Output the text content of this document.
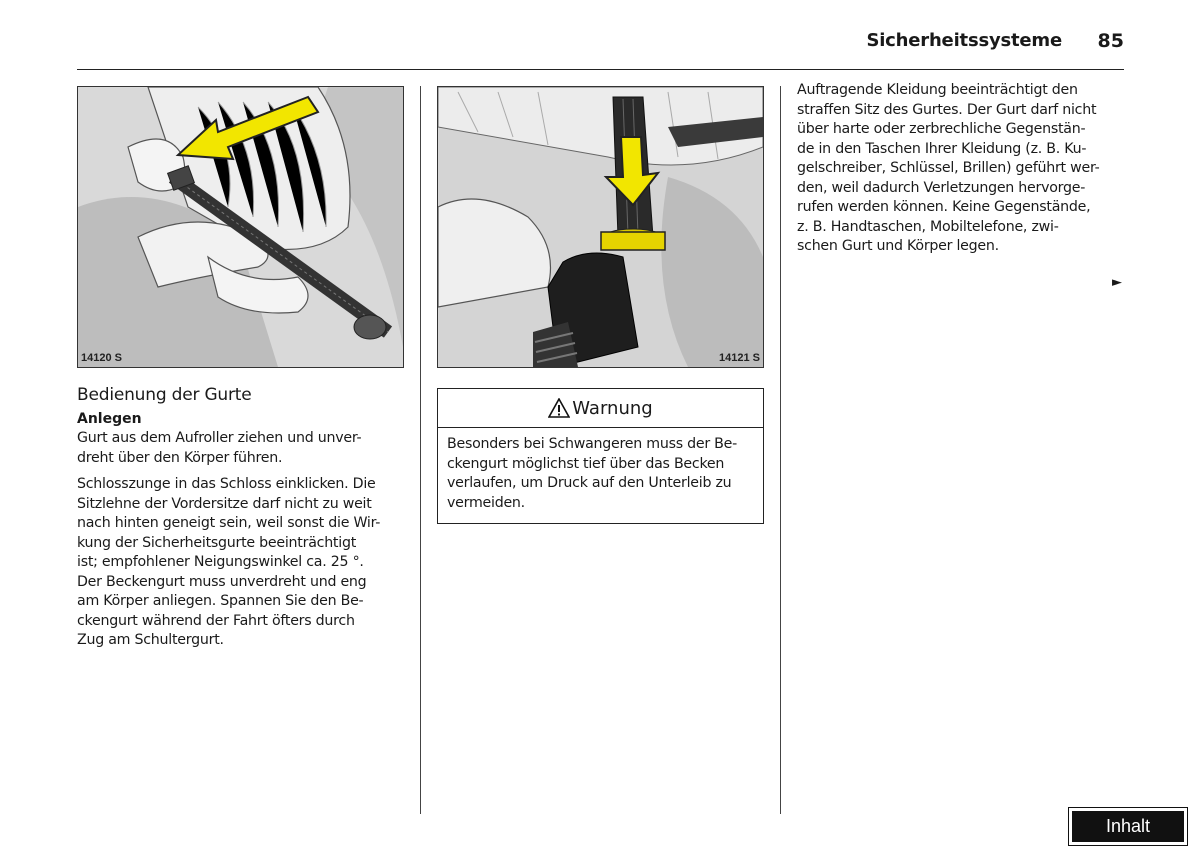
Sicherheitssysteme	85
14120 S	14121 S
Bedienung der Gurte
Anlegen

Gurt aus dem Aufroller ziehen und unver-
dreht über den Körper führen.

Schlosszunge in das Schloss einklicken. Die
Sitzlehne der Vordersitze darf nicht zu weit
nach hinten geneigt sein, weil sonst die Wir-
kung der Sicherheitsgurte beeinträchtigt
ist; empfohlener Neigungswinkel ca. 25 °.
Der Beckengurt muss unverdreht und eng
am Körper anliegen. Spannen Sie den Be-
ckengurt während der Fahrt öfters durch
Zug am Schultergurt.

Warnung

Besonders bei Schwangeren muss der Be-
ckengurt möglichst tief über das Becken
verlaufen, um Druck auf den Unterleib zu
vermeiden.

Auftragende Kleidung beeinträchtigt den
straffen Sitz des Gurtes. Der Gurt darf nicht
über harte oder zerbrechliche Gegenstän-
de in den Taschen Ihrer Kleidung (z. B. Ku-
gelschreiber, Schlüssel, Brillen) geführt wer-
den, weil dadurch Verletzungen hervorge-
rufen werden können. Keine Gegenstände,
z. B. Handtaschen, Mobiltelefone, zwi-
schen Gurt und Körper legen.

►
Inhalt
